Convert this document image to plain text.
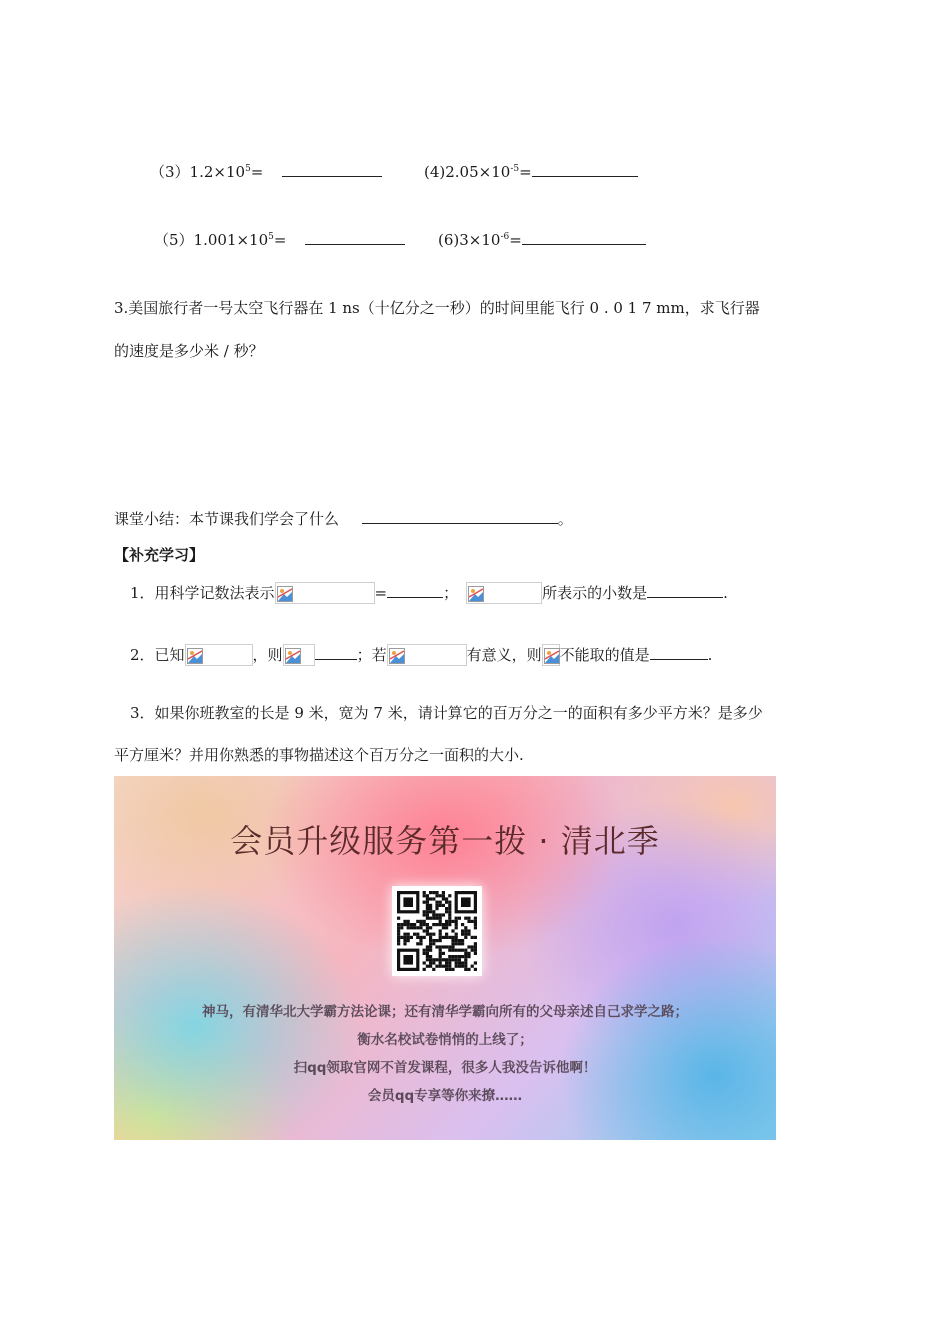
$(3)1.2\times 10^5=$	$(4)2.05\times 10^{-5}=$
$(5)1.001\times 10^5=$	$(6)3\times 10^{-6}=$
3.美国旅行者一号太空飞行器在 1 ns（十亿分之一秒）的时间里能飞行 0 . 0 1 7 mm，求飞行器
的速度是多少米 / 秒？
课堂小结：本节课我们学会了什么	。
【补充学习】
1．用科学记数法表示	=	；	所表示的小数是	.
2．已知	，则	；若	有意义，则 不能取的值是	.
3．如果你班教室的长是 9 米，宽为 7 米，请计算它的百万分之一的面积有多少平方米？是多少
平方厘米？并用你熟悉的事物描述这个百万分之一面积的大小.
会员升级服务第一拨 · 清北季
神马，有清华北大学霸方法论课；还有清华学霸向所有的父母亲述自己求学之路；
衡水名校试卷悄悄的上线了；
扫qq领取官网不首发课程，很多人我没告诉他啊！
会员qq专享等你来撩……
